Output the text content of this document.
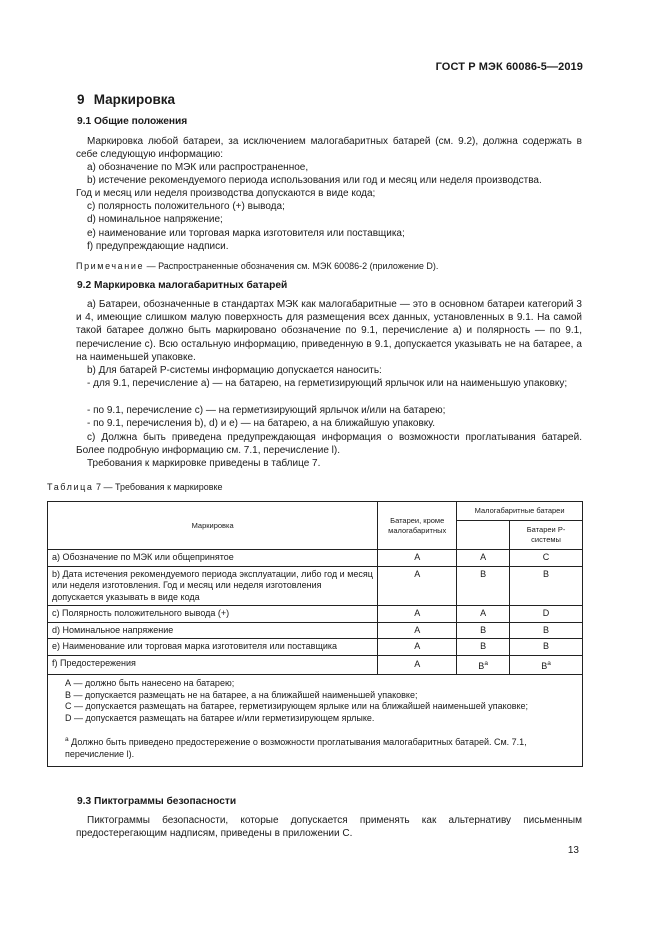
ГОСТ Р МЭК 60086-5—2019
9 Маркировка
9.1 Общие положения
Маркировка любой батареи, за исключением малогабаритных батарей (см. 9.2), должна содержать в себе следующую информацию:
а) обозначение по МЭК или распространенное,
b) истечение рекомендуемого периода использования или год и месяц или неделя производства.
Год и месяц или неделя производства допускаются в виде кода;
с) полярность положительного (+) вывода;
d) номинальное напряжение;
e) наименование или торговая марка изготовителя или поставщика;
f) предупреждающие надписи.
Примечание — Распространенные обозначения см. МЭК 60086-2 (приложение D).
9.2 Маркировка малогабаритных батарей
а) Батареи, обозначенные в стандартах МЭК как малогабаритные — это в основном батареи категорий 3 и 4, имеющие слишком малую поверхность для размещения всех данных, установленных в 9.1. На самой такой батарее должно быть маркировано обозначение по 9.1, перечисление а) и полярность — по 9.1, перечисление с). Всю остальную информацию, приведенную в 9.1, допускается указывать не на батарее, а на наименьшей упаковке.
b) Для батарей Р-системы информацию допускается наносить:
- для 9.1, перечисление а) — на батарею, на герметизирующий ярлычок или на наименьшую упаковку;
- по 9.1, перечисление с) — на герметизирующий ярлычок и/или на батарею;
- по 9.1, перечисления b), d) и e) — на батарею, а на ближайшую упаковку.
с) Должна быть приведена предупреждающая информация о возможности проглатывания батарей. Более подробную информацию см. 7.1, перечисление l).
Требования к маркировке приведены в таблице 7.
Таблица 7 — Требования к маркировке
Маркировка	Батареи, кроме малогабаритных	Малогабаритные батареи	
			Батареи Р-системы
а) Обозначение по МЭК или общепринятое	A	A	C
b) Дата истечения рекомендуемого периода эксплуатации, либо год и месяц или неделя изготовления. Год и месяц или неделя изготовления допускается указывать в виде кода	A	B	B
с) Полярность положительного вывода (+)	A	A	D
d) Номинальное напряжение	A	B	B
e) Наименование или торговая марка изготовителя или поставщика	A	B	B
f) Предостережения	A	$B^a$	$B^a$

А — должно быть нанесено на батарею;
В — допускается размещать не на батарее, а на ближайшей наименьшей упаковке;
С — допускается размещать на батарее, герметизирующем ярлыке или на ближайшей наименьшей упаковке;
D — допускается размещать на батарее и/или герметизирующем ярлыке.
$^a$ Должно быть приведено предостережение о возможности проглатывания малогабаритных батарей. См. 7.1, перечисление l).			
9.3 Пиктограммы безопасности
Пиктограммы безопасности, которые допускается применять как альтернативу письменным предостерегающим надписям, приведены в приложении С.
13
